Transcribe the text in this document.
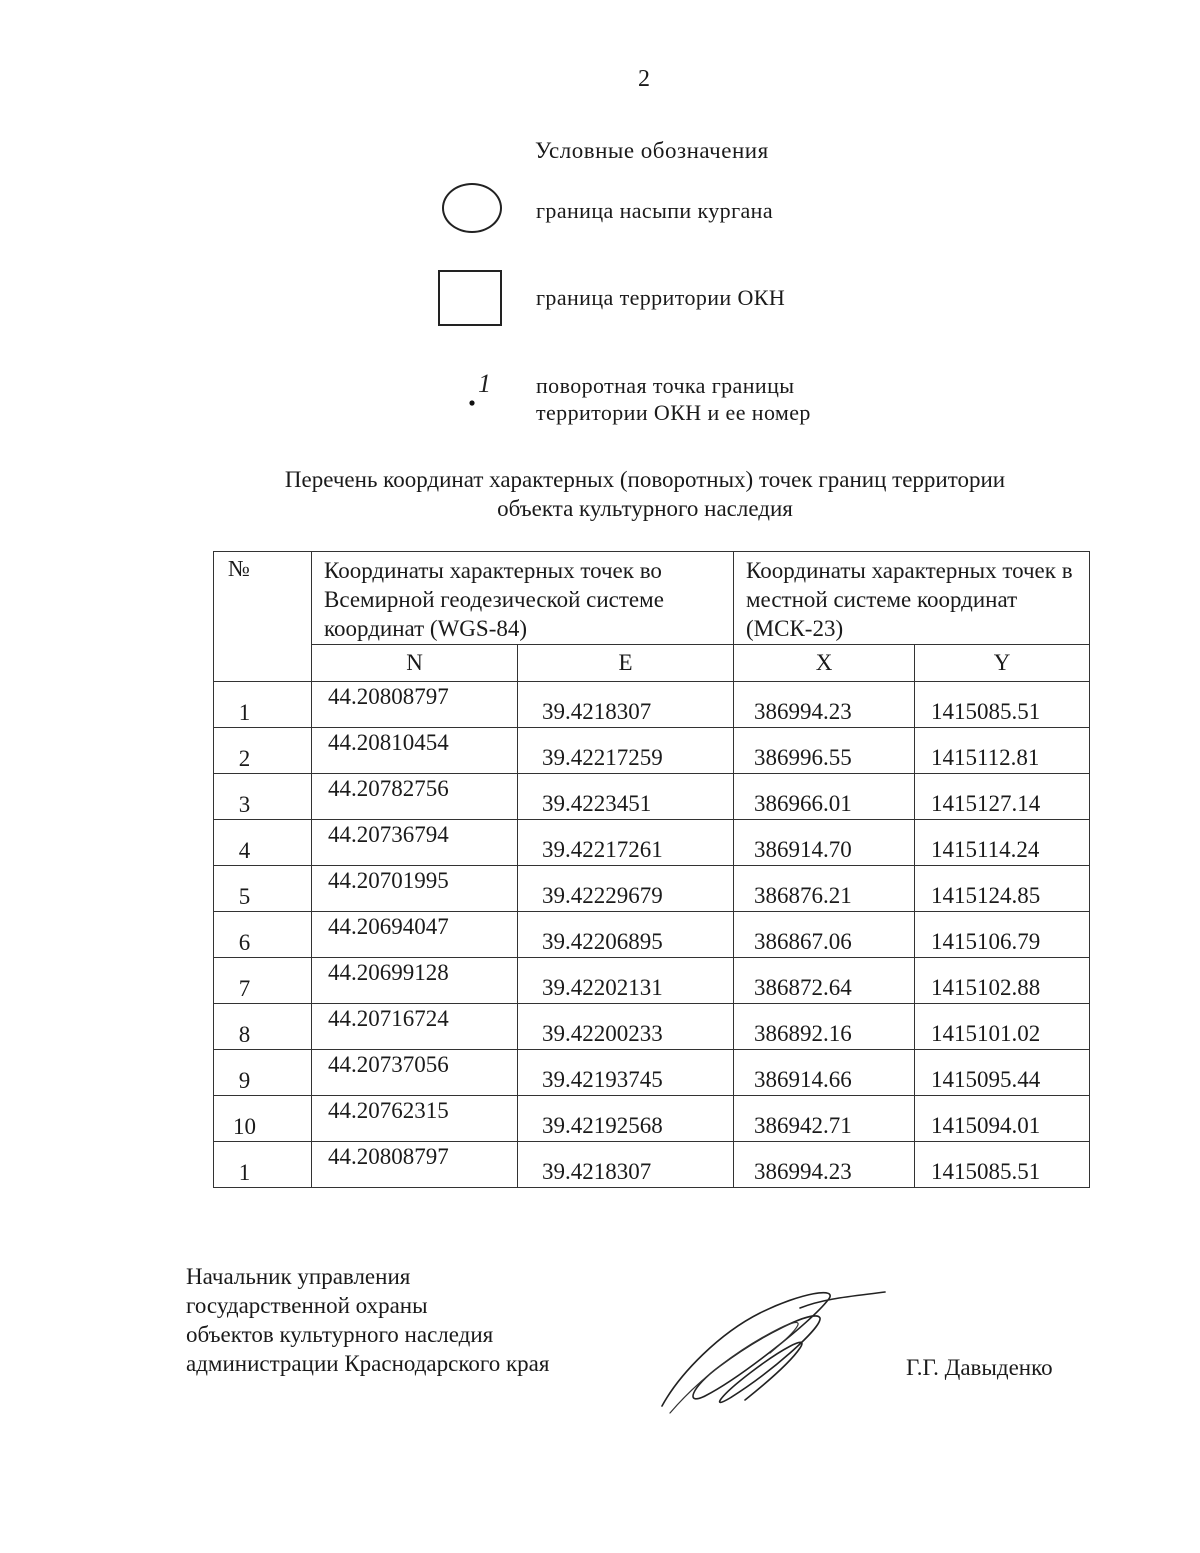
2
Условные обозначения
граница насыпи кургана
граница территории ОКН
1 поворотная точка границы
территории ОКН и ее номер
Перечень координат характерных (поворотных) точек границ территории
объекта культурного наследия
№	Координаты характерных точек во Всемирной геодезической системе координат (WGS-84)		Координаты характерных точек в местной системе координат (МСК-23)	
	N	E	X	Y

1	44.20808797	39.4218307	386994.23	1415085.51

2	44.20810454	39.42217259	386996.55	1415112.81

3	44.20782756	39.4223451	386966.01	1415127.14

4	44.20736794	39.42217261	386914.70	1415114.24

5	44.20701995	39.42229679	386876.21	1415124.85

6	44.20694047	39.42206895	386867.06	1415106.79

7	44.20699128	39.42202131	386872.64	1415102.88

8	44.20716724	39.42200233	386892.16	1415101.02

9	44.20737056	39.42193745	386914.66	1415095.44

10	44.20762315	39.42192568	386942.71	1415094.01

1	44.20808797	39.4218307	386994.23	1415085.51
Начальник управления
государственной охраны
объектов культурного наследия
администрации Краснодарского края	Г.Г. Давыденко
